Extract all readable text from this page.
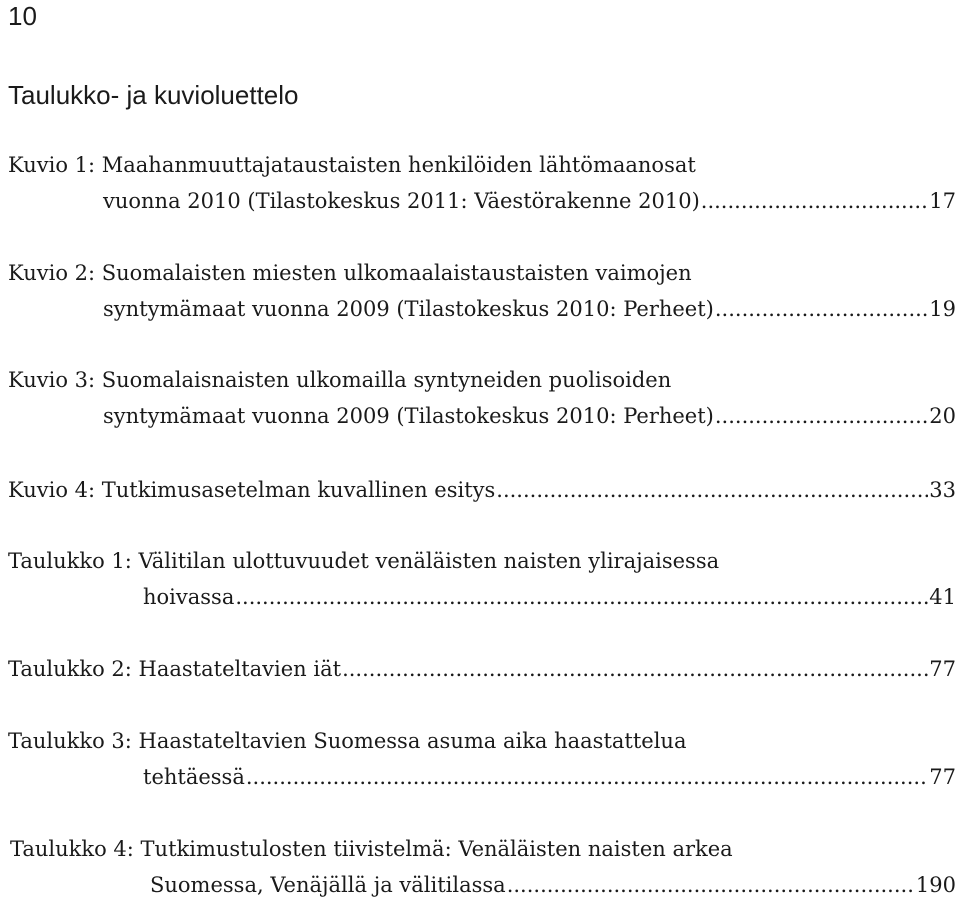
10
Taulukko- ja kuvioluettelo
Kuvio 1: Maahanmuuttajataustaisten henkilöiden lähtömaanosat
vuonna 2010 (Tilastokeskus 2011: Väestörakenne 2010) .....	17
Kuvio 2: Suomalaisten miesten ulkomaalaistaustaisten vaimojen
syntymämaat vuonna 2009 (Tilastokeskus 2010: Perheet) .....	19
Kuvio 3: Suomalaisnaisten ulkomailla syntyneiden puolisoiden
syntymämaat vuonna 2009 (Tilastokeskus 2010: Perheet) .....	20
Kuvio 4: Tutkimusasetelman kuvallinen esitys .....	33
Taulukko 1: Välitilan ulottuvuudet venäläisten naisten ylirajaisessa
hoivassa .....	41
Taulukko 2: Haastateltavien iät .....	77
Taulukko 3: Haastateltavien Suomessa asuma aika haastattelua
tehtäessä .....	77
Taulukko 4: Tutkimustulosten tiivistelmä: Venäläisten naisten arkea
Suomessa, Venäjällä ja välitilassa .....	190
